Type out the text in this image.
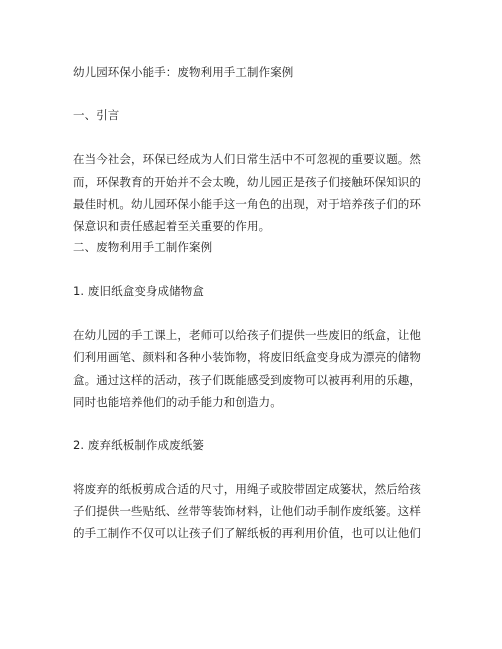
幼儿园环保小能手：废物利用手工制作案例
一、引言
在当今社会，环保已经成为人们日常生活中不可忽视的重要议题。然
而，环保教育的开始并不会太晚，幼儿园正是孩子们接触环保知识的
最佳时机。幼儿园环保小能手这一角色的出现，对于培养孩子们的环
保意识和责任感起着至关重要的作用。
二、废物利用手工制作案例
1. 废旧纸盒变身成储物盒
在幼儿园的手工课上，老师可以给孩子们提供一些废旧的纸盒，让他
们利用画笔、颜料和各种小装饰物，将废旧纸盒变身成为漂亮的储物
盒。通过这样的活动，孩子们既能感受到废物可以被再利用的乐趣，
同时也能培养他们的动手能力和创造力。
2. 废弃纸板制作成废纸篓
将废弃的纸板剪成合适的尺寸，用绳子或胶带固定成篓状，然后给孩
子们提供一些贴纸、丝带等装饰材料，让他们动手制作废纸篓。这样
的手工制作不仅可以让孩子们了解纸板的再利用价值，也可以让他们
